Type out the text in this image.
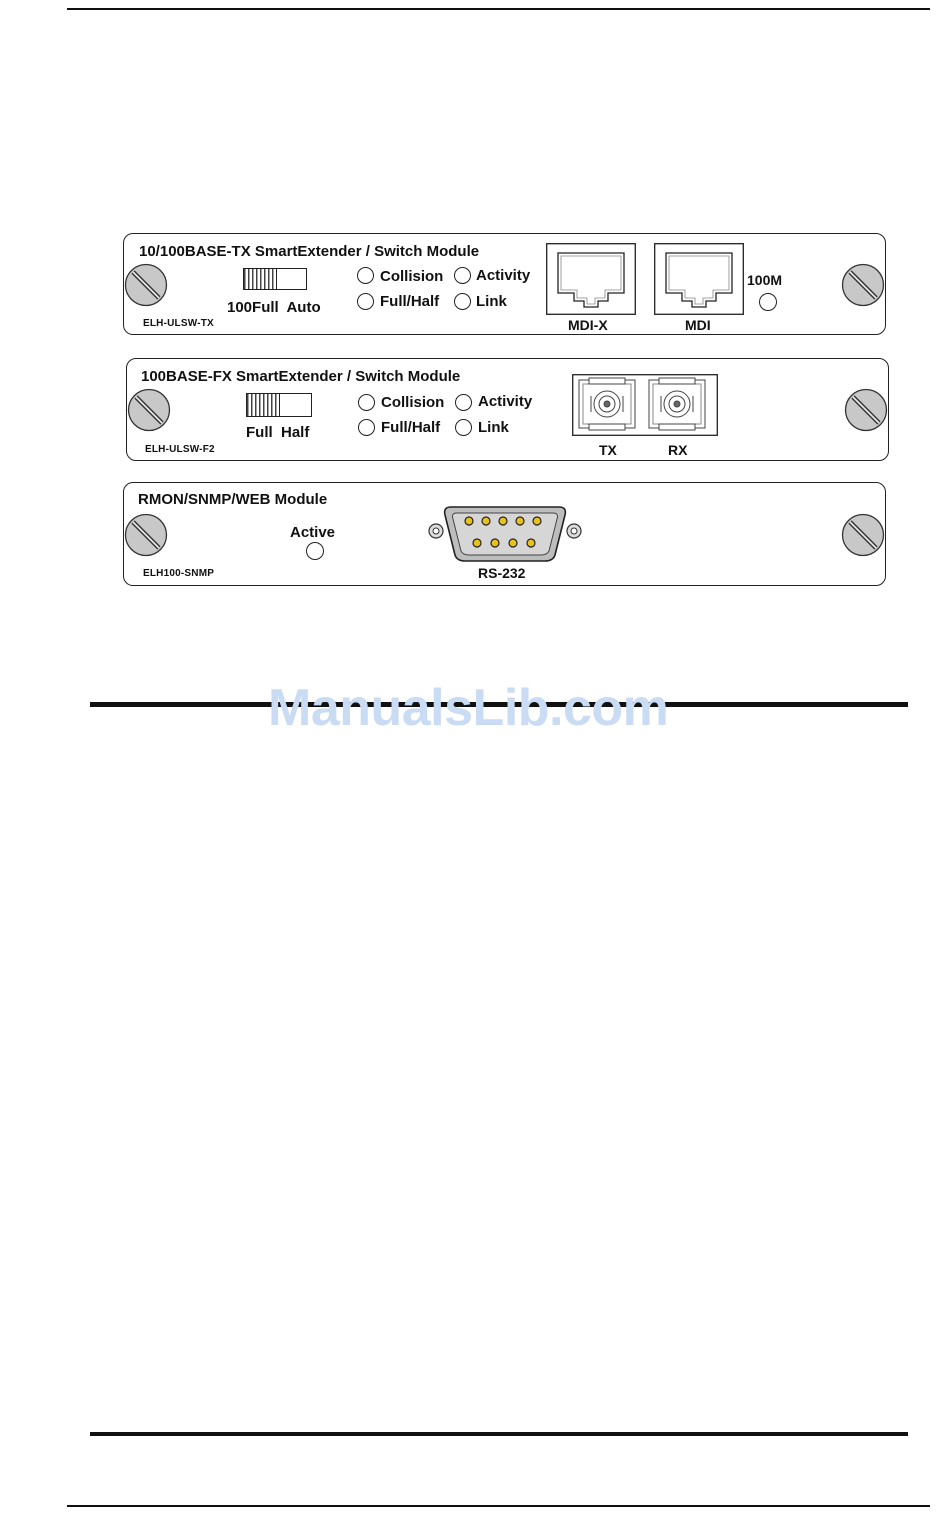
10/100BASE-TX SmartExtender / Switch Module
ELH-ULSW-TX
100Full  Auto
Collision Activity
Full/Half Link
MDI-X	MDI
100M
100BASE-FX SmartExtender / Switch Module
ELH-ULSW-F2
Full  Half
Collision Activity
Full/Half	Link
TX	RX
RMON/SNMP/WEB Module
ELH100-SNMP
Active
RS-232
ManualsLib.com
